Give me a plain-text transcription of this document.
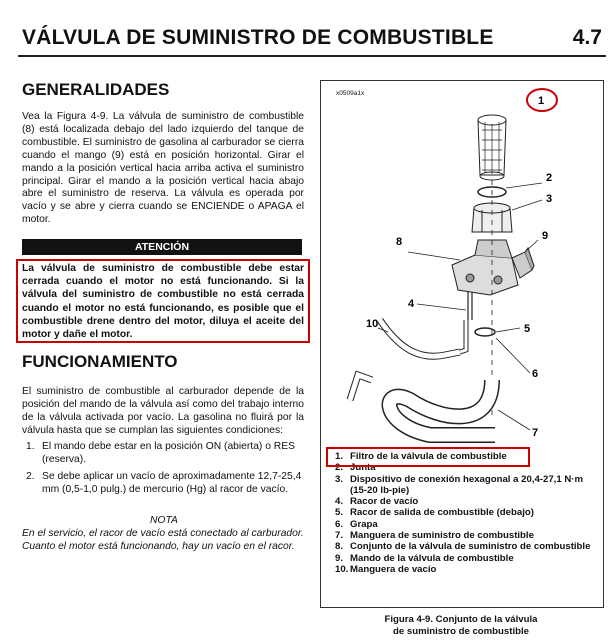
VÁLVULA DE SUMINISTRO DE COMBUSTIBLE	4.7
GENERALIDADES
Vea la Figura 4-9. La válvula de suministro de combustible (8) está localizada debajo del lado izquierdo del tanque de combustible. El suministro de gasolina al carburador se cierra cuando el mango (9) está en posición horizontal. Girar el mando a la posición vertical hacia arriba activa el suministro principal. Girar el mando a la posición vertical hacia abajo abre el suministro de reserva. La válvula es operada por vacío y se abre y cierra cuando se ENCIENDE o APAGA el motor.
ATENCIÓN
La válvula de suministro de combustible debe estar cerrada cuando el motor no está funcionando. Si la válvula del suministro de combustible no está cerrada cuando el motor no está funcionando, es posible que el combustible drene dentro del motor, diluya el aceite del motor y dañe el motor.
FUNCIONAMIENTO
El suministro de combustible al carburador depende de la posición del mando de la válvula así como del trabajo interno de la válvula activada por vacío. La gasolina no fluirá por la válvula hasta que se cumplan las siguientes condiciones:
1. El mando debe estar en la posición ON (abierta) o RES (reserva).
2. Se debe aplicar un vacío de aproximadamente 12,7-25,4 mm (0,5-1,0 pulg.) de mercurio (Hg) al racor de vacío.
NOTA
En el servicio, el racor de vacío está conectado al carburador. Cuanto el motor está funcionando, hay un vacío en el racor.
x0509a1x
1
2
3
9
8
4
10	5
6
7
1. Filtro de la válvula de combustible
2. Junta
3. Dispositivo de conexión hexagonal a 20,4-27,1 N·m (15-20 lb-pie)
4. Racor de vacío
5. Racor de salida de combustible (debajo)
6. Grapa
7. Manguera de suministro de combustible
8. Conjunto de la válvula de suministro de combustible
9. Mando de la válvula de combustible
10. Manguera de vacío
Figura 4-9. Conjunto de la válvula
de suministro de combustible
